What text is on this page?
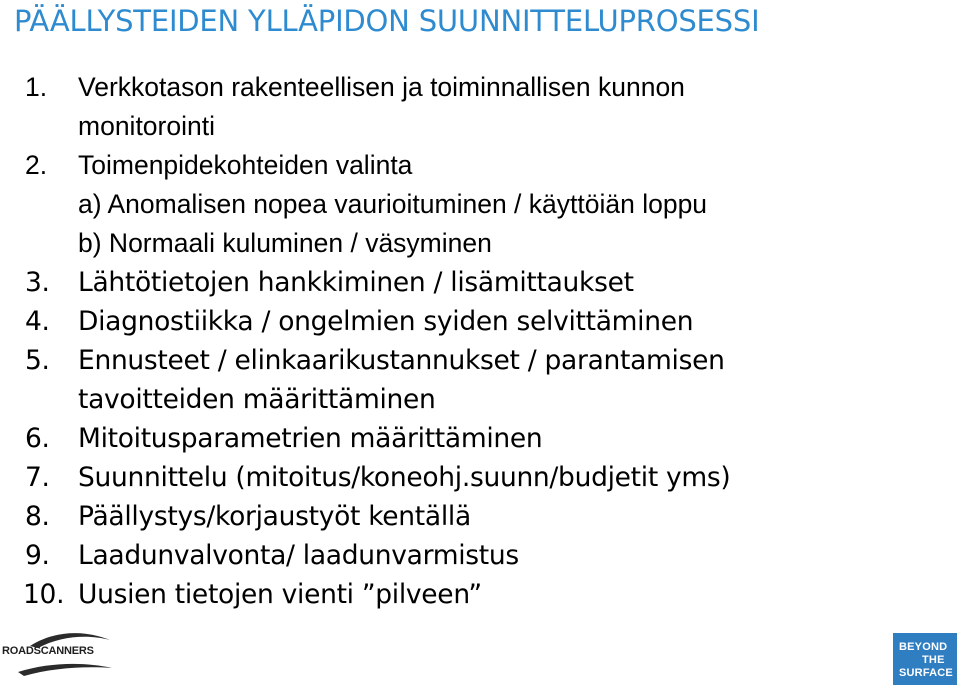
PÄÄLLYSTEIDEN YLLÄPIDON SUUNNITTELUPROSESSI
1. Verkkotason rakenteellisen ja toiminnallisen kunnon
monitorointi
2. Toimenpidekohteiden valinta
a) Anomalisen nopea vaurioituminen / käyttöiän loppu
b) Normaali kuluminen / väsyminen
3. Lähtötietojen hankkiminen / lisämittaukset
4. Diagnostiikka / ongelmien syiden selvittäminen
5. Ennusteet / elinkaarikustannukset / parantamisen
tavoitteiden määrittäminen
6. Mitoitusparametrien määrittäminen
7. Suunnittelu (mitoitus/koneohj.suunn/budjetit yms)
8. Päällystys/korjaustyöt kentällä
9. Laadunvalvonta/ laadunvarmistus
10. Uusien tietojen vienti ”pilveen”
ROADSCANNERS	BEYOND
THE
SURFACE
